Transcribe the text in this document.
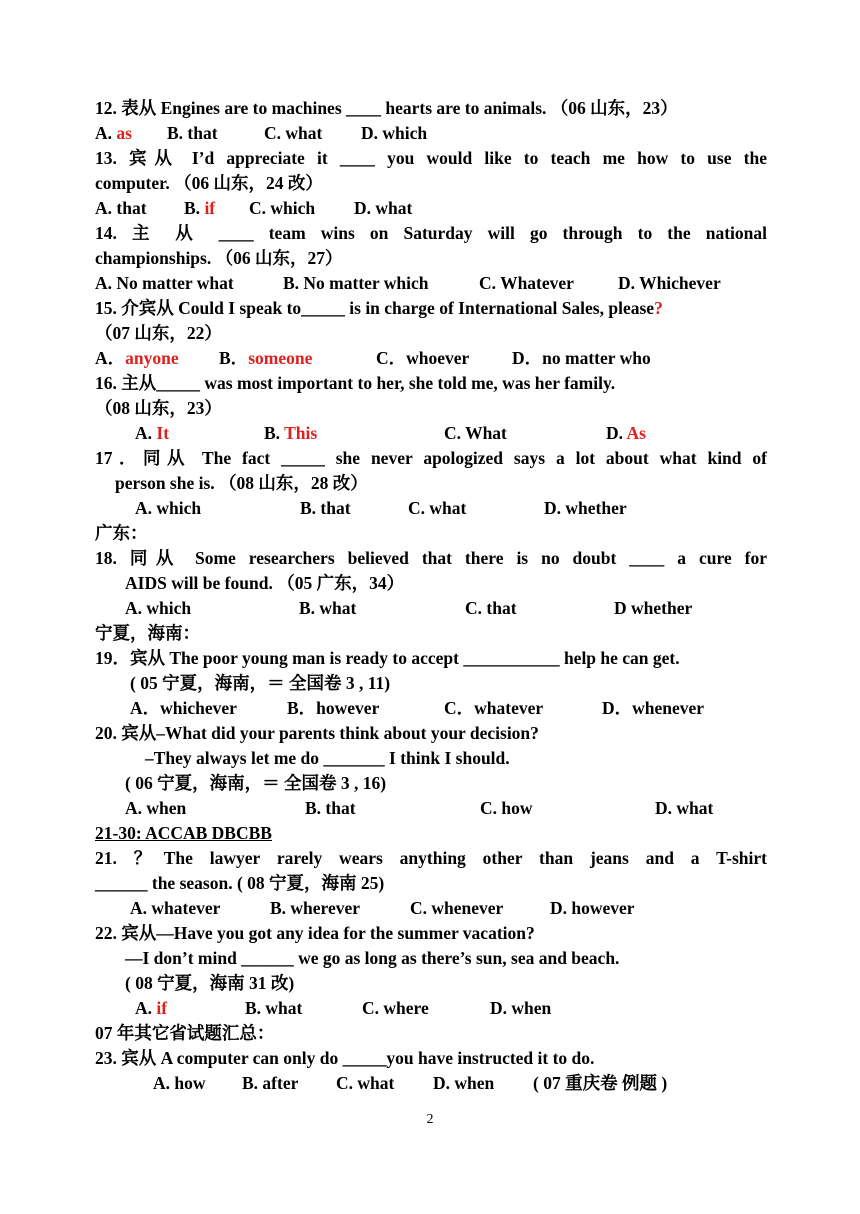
12. 表从 Engines are to machines ____ hearts are to animals. （06 山东，23）
A. as B. that	C. what D. which
13. 宾从 I’d appreciate it ____ you would like to teach me how to use the
computer. （06 山东，24 改）
A. that B. if C. which D. what
14. 主 从 ____ team wins on Saturday will go through to the national
championships. （06 山东，27）
A. No matter what	B. No matter which	C. Whatever	D. Whichever
15. 介宾从 Could I speak to_____ is in charge of International Sales, please?
（07 山东，22）
A．anyone B．someone	C．whoever D．no matter who
16. 主从_____ was most important to her, she told me, was her family.
（08 山东，23）
A. It	B. This	C. What	D. As
17．同从 The fact _____ she never apologized says a lot about what kind of
person she is. （08 山东，28 改）
A. which	B. that	C. what	D. whether
广东：
18. 同从 Some researchers believed that there is no doubt ____ a cure for
AIDS will be found. （05 广东，34）
A. which	B. what	C. that	D whether
宁夏，海南：
19．宾从 The poor young man is ready to accept ___________ help he can get.
( 05 宁夏，海南，＝ 全国卷 3 , 11)
A．whichever	B．however	C．whatever	D．whenever
20. 宾从–What did your parents think about your decision?
–They always let me do _______ I think I should.
( 06 宁夏，海南，＝ 全国卷 3 , 16)
A. when	B. that	C. how	D. what
21-30: ACCAB DBCBB
21. ？The lawyer rarely wears anything other than jeans and a T-shirt
______ the season. ( 08 宁夏，海南 25)
A. whatever	B. wherever	C. whenever	D. however
22. 宾从—Have you got any idea for the summer vacation?
—I don’t mind ______ we go as long as there’s sun, sea and beach.
( 08 宁夏，海南 31 改)
A. if	B. what	C. where	D. when
07 年其它省试题汇总：
23. 宾从 A computer can only do _____you have instructed it to do.
A. how B. after C. what D. when ( 07 重庆卷 例题 )
2
